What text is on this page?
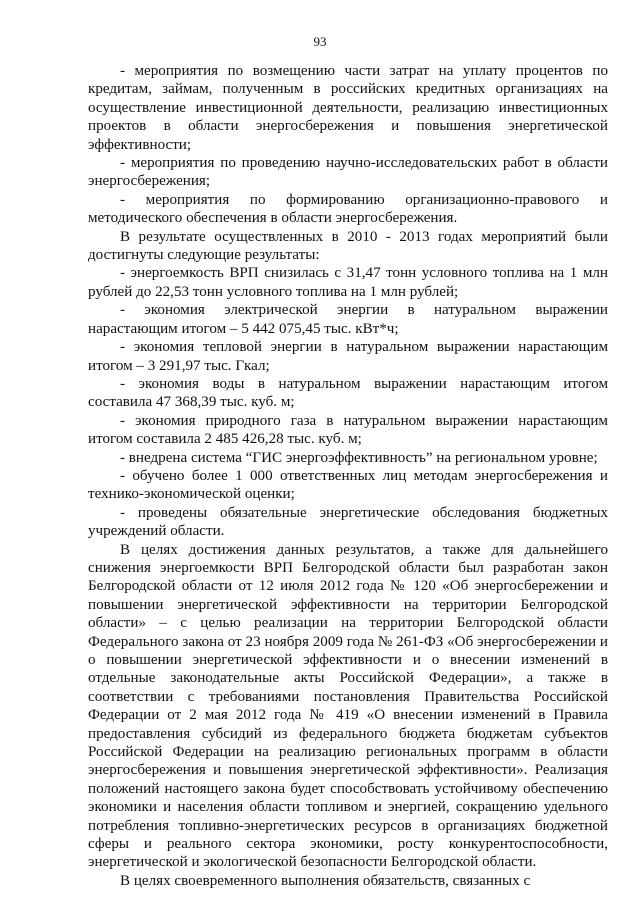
93

- мероприятия по возмещению части затрат на уплату процентов по кредитам, займам, полученным в российских кредитных организациях на осуществление инвестиционной деятельности, реализацию инвестиционных проектов в области энергосбережения и повышения энергетической эффективности;

- мероприятия по проведению научно-исследовательских работ в области энергосбережения;

- мероприятия по формированию организационно-правового и методического обеспечения в области энергосбережения.

В результате осуществленных в 2010 - 2013 годах мероприятий были достигнуты следующие результаты:

- энергоемкость ВРП снизилась с 31,47 тонн условного топлива на 1 млн рублей до 22,53 тонн условного топлива на 1 млн рублей;

- экономия электрической энергии в натуральном выражении нарастающим итогом – 5 442 075,45 тыс. кВт*ч;

- экономия тепловой энергии в натуральном выражении нарастающим итогом – 3 291,97 тыс. Гкал;

- экономия воды в натуральном выражении нарастающим итогом составила 47 368,39 тыс. куб. м;

- экономия природного газа в натуральном выражении нарастающим итогом составила 2 485 426,28 тыс. куб. м;

- внедрена система “ГИС энергоэффективность” на региональном уровне;

- обучено более 1 000 ответственных лиц методам энергосбережения и технико-экономической оценки;

- проведены обязательные энергетические обследования бюджетных учреждений области.

В целях достижения данных результатов, а также для дальнейшего снижения энергоемкости ВРП Белгородской области был разработан закон Белгородской области от 12 июля 2012 года № 120 «Об энергосбережении и повышении энергетической эффективности на территории Белгородской области» – с целью реализации на территории Белгородской области Федерального закона от 23 ноября 2009 года № 261-ФЗ «Об энергосбережении и о повышении энергетической эффективности и о внесении изменений в отдельные законодательные акты Российской Федерации», а также в соответствии с требованиями постановления Правительства Российской Федерации от 2 мая 2012 года № 419 «О внесении изменений в Правила предоставления субсидий из федерального бюджета бюджетам субъектов Российской Федерации на реализацию региональных программ в области энергосбережения и повышения энергетической эффективности». Реализация положений настоящего закона будет способствовать устойчивому обеспечению экономики и населения области топливом и энергией, сокращению удельного потребления топливно-энергетических ресурсов в организациях бюджетной сферы и реального сектора экономики, росту конкурентоспособности, энергетической и экологической безопасности Белгородской области.

В целях своевременного выполнения обязательств, связанных с
